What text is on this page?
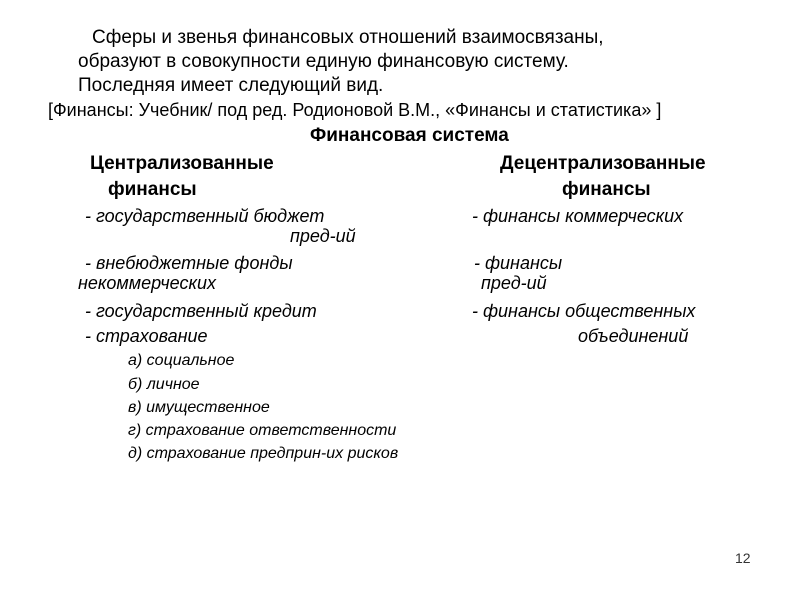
Сферы и звенья финансовых отношений взаимосвязаны,
образуют в совокупности единую финансовую систему.
Последняя имеет следующий вид.
[Финансы: Учебник/ под ред. Родионовой В.М., «Финансы и статистика» ]
Финансовая система
Централизованные
финансы
Децентрализованные
финансы
- государственный бюджет
- внебюджетные фонды
- государственный кредит
- страхование
- финансы коммерческих
пред-ий
- финансы
некоммерческих	пред-ий
- финансы общественных
объединений
а) социальное
б) личное
в) имущественное
г) страхование ответственности
д) страхование предприн-их рисков
12
